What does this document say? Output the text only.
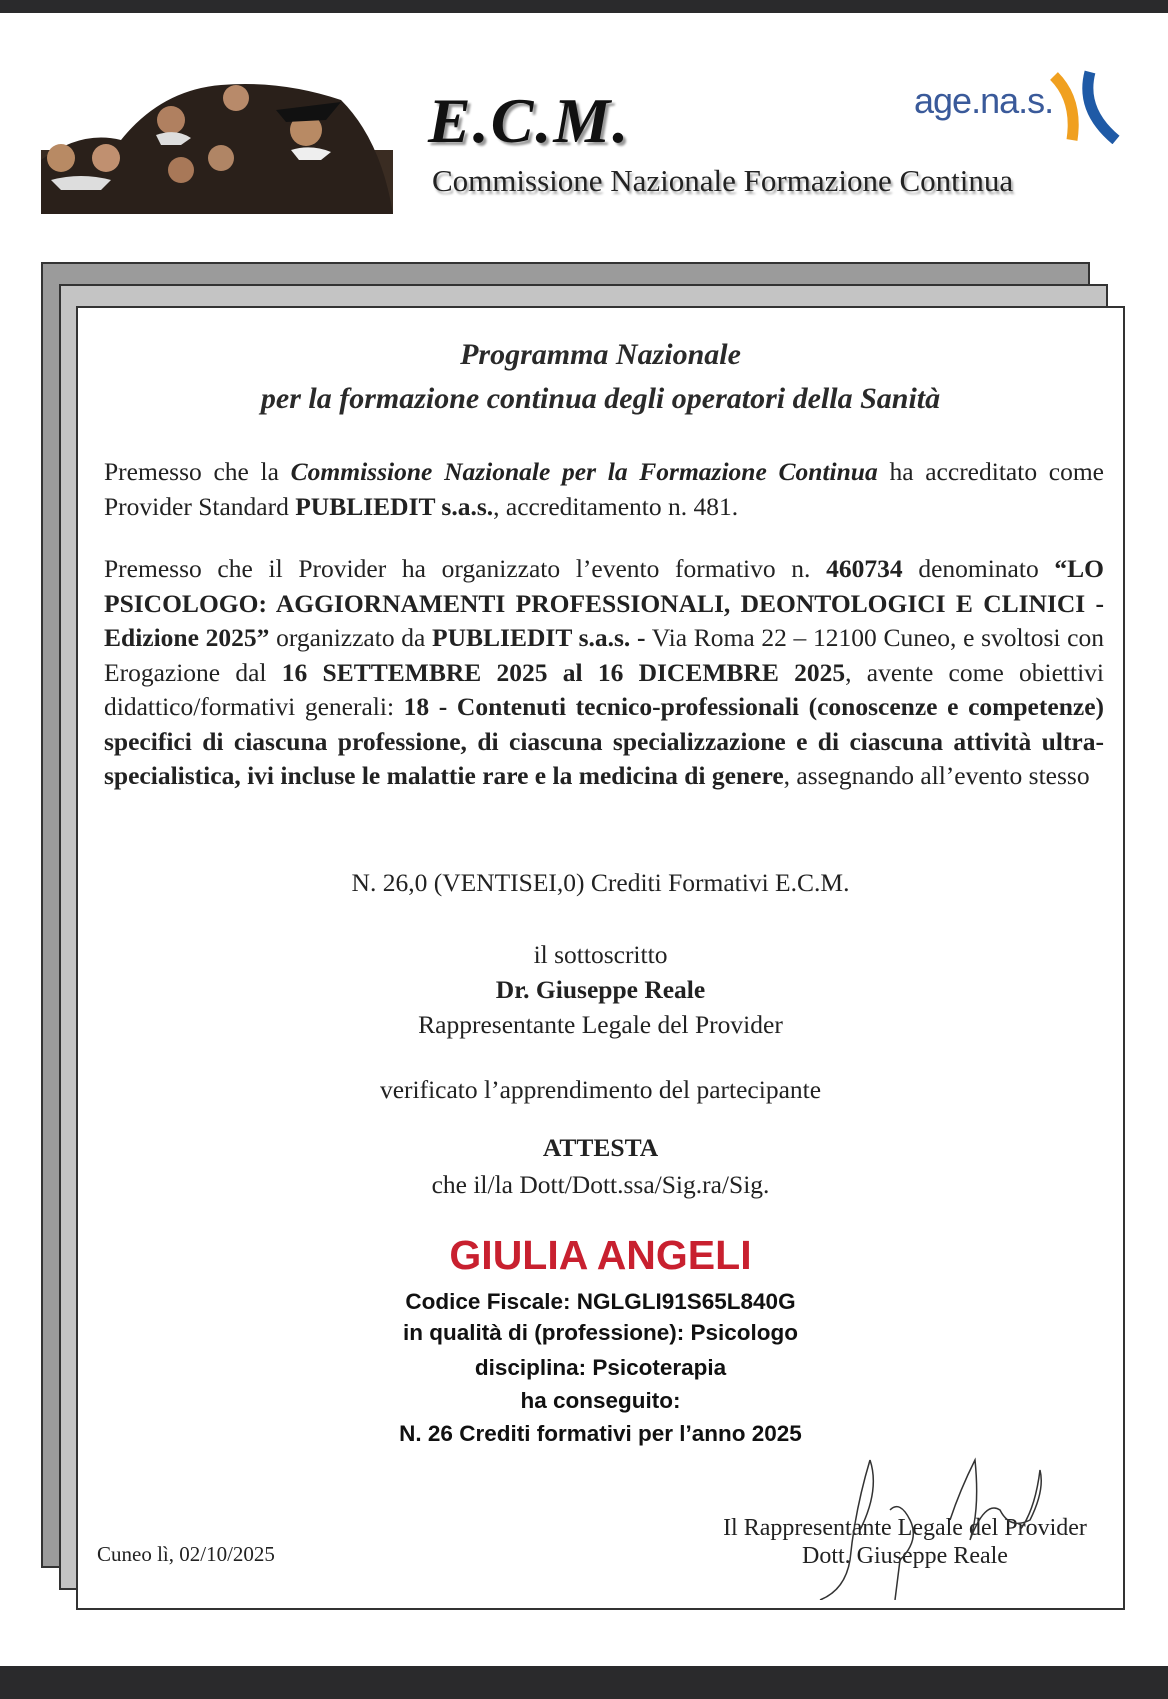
E.C.M.
Commissione Nazionale Formazione Continua
age.na.s.
Programma Nazionale
per la formazione continua degli operatori della Sanità
Premesso che la Commissione Nazionale per la Formazione Continua ha accreditato come Provider Standard PUBLIEDIT s.a.s., accreditamento n. 481.
Premesso che il Provider ha organizzato l’evento formativo n. 460734 denominato “LO PSICOLOGO: AGGIORNAMENTI PROFESSIONALI, DEONTOLOGICI E CLINICI - Edizione 2025” organizzato da PUBLIEDIT s.a.s. - Via Roma 22 – 12100 Cuneo, e svoltosi con Erogazione dal 16 SETTEMBRE 2025 al 16 DICEMBRE 2025, avente come obiettivi didattico/formativi generali: 18 - Contenuti tecnico-professionali (conoscenze e competenze) specifici di ciascuna professione, di ciascuna specializzazione e di ciascuna attività ultra-specialistica, ivi incluse le malattie rare e la medicina di genere, assegnando all’evento stesso
N. 26,0 (VENTISEI,0) Crediti Formativi E.C.M.
il sottoscritto
Dr. Giuseppe Reale
Rappresentante Legale del Provider
verificato l’apprendimento del partecipante
ATTESTA
che il/la Dott/Dott.ssa/Sig.ra/Sig.
GIULIA ANGELI
Codice Fiscale: NGLGLI91S65L840G
in qualità di (professione): Psicologo
disciplina: Psicoterapia
ha conseguito:
N. 26 Crediti formativi per l’anno 2025
Cuneo lì, 02/10/2025
Il Rappresentante Legale del Provider
Dott. Giuseppe Reale
